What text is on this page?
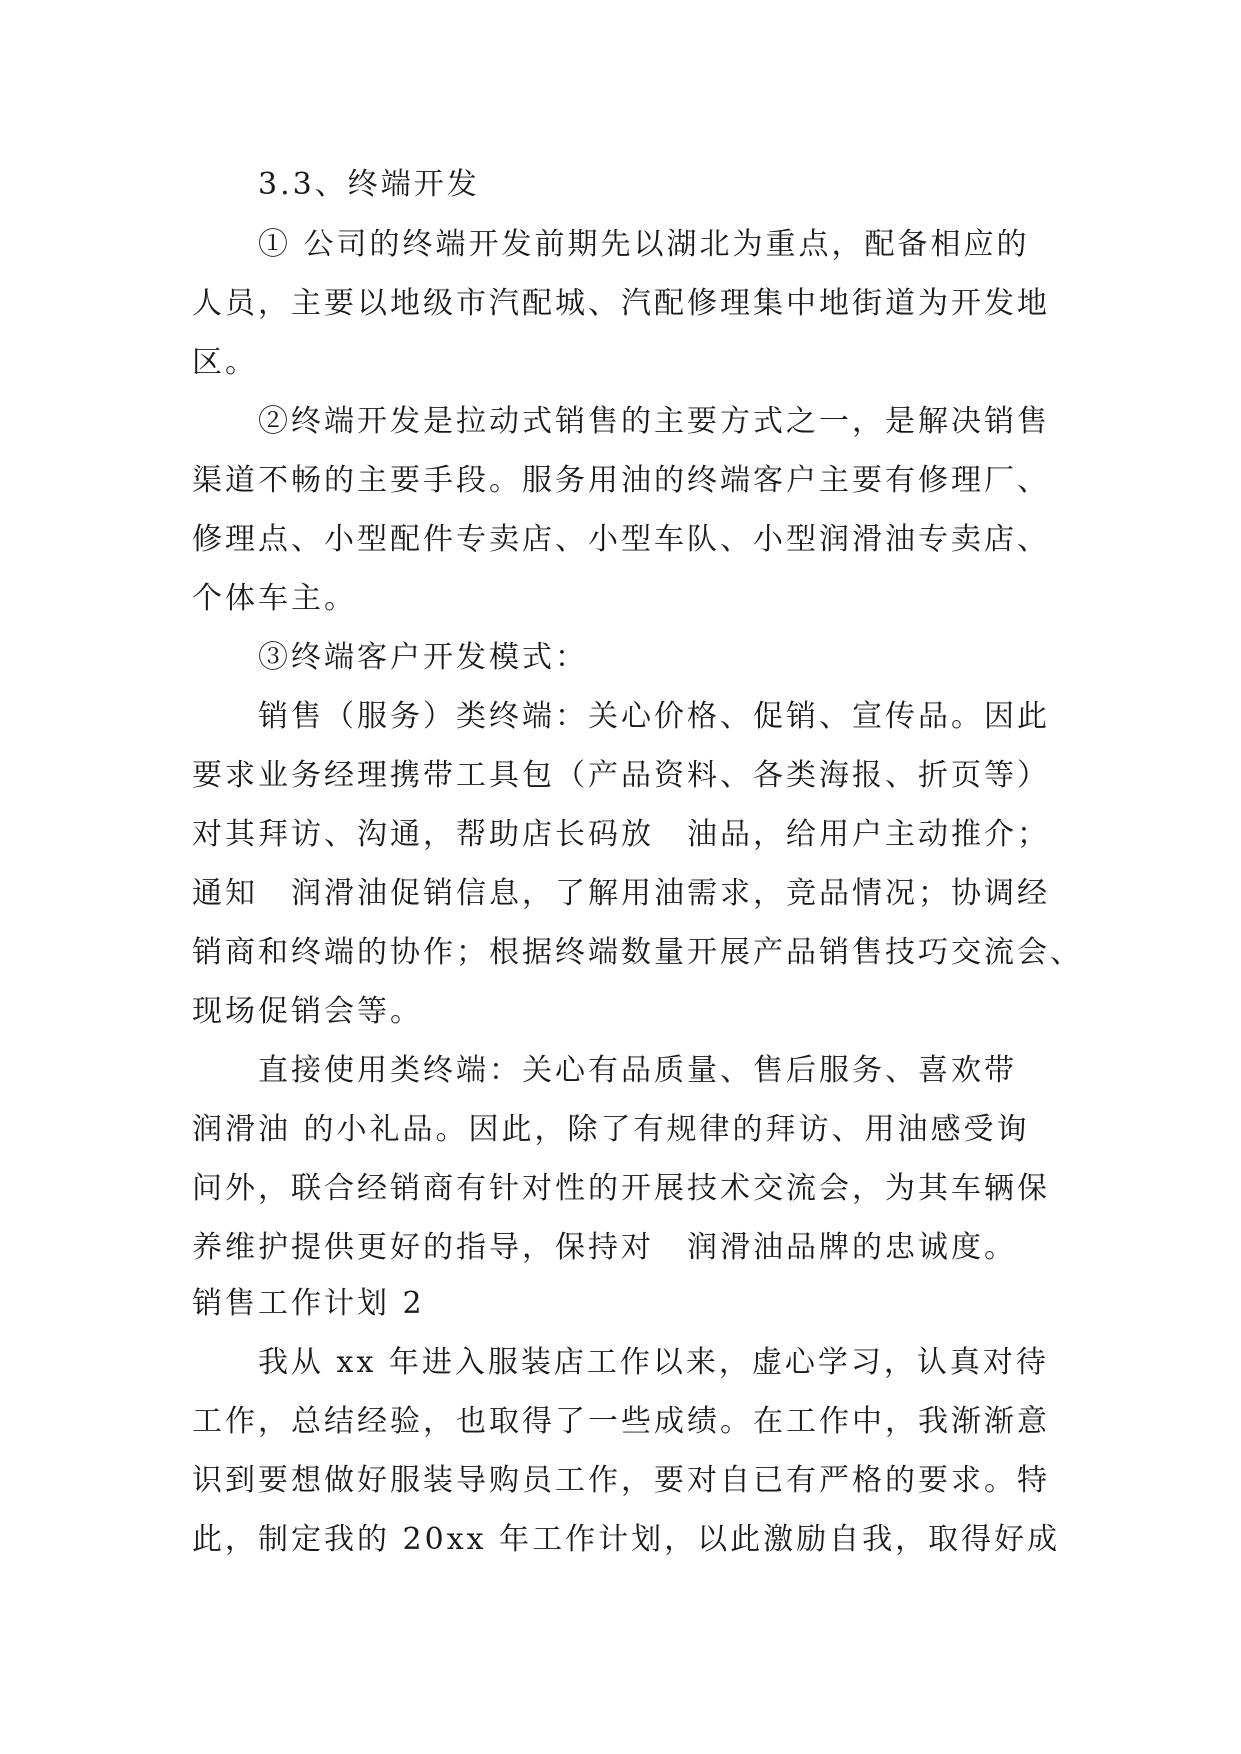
3.3、终端开发
① 公司的终端开发前期先以湖北为重点，配备相应的
人员，主要以地级市汽配城、汽配修理集中地街道为开发地
区。
②终端开发是拉动式销售的主要方式之一，是解决销售
渠道不畅的主要手段。服务用油的终端客户主要有修理厂、
修理点、小型配件专卖店、小型车队、小型润滑油专卖店、
个体车主。
③终端客户开发模式：
销售（服务）类终端：关心价格、促销、宣传品。因此
要求业务经理携带工具包（产品资料、各类海报、折页等）
对其拜访、沟通，帮助店长码放　油品，给用户主动推介；
通知　润滑油促销信息，了解用油需求，竞品情况；协调经
销商和终端的协作；根据终端数量开展产品销售技巧交流会、
现场促销会等。
直接使用类终端：关心有品质量、售后服务、喜欢带
润滑油 的小礼品。因此，除了有规律的拜访、用油感受询
问外，联合经销商有针对性的开展技术交流会，为其车辆保
养维护提供更好的指导，保持对　润滑油品牌的忠诚度。
销售工作计划 2
我从 xx 年进入服装店工作以来，虚心学习，认真对待
工作，总结经验，也取得了一些成绩。在工作中，我渐渐意
识到要想做好服装导购员工作，要对自已有严格的要求。特
此，制定我的 20xx 年工作计划，以此激励自我，取得好成
